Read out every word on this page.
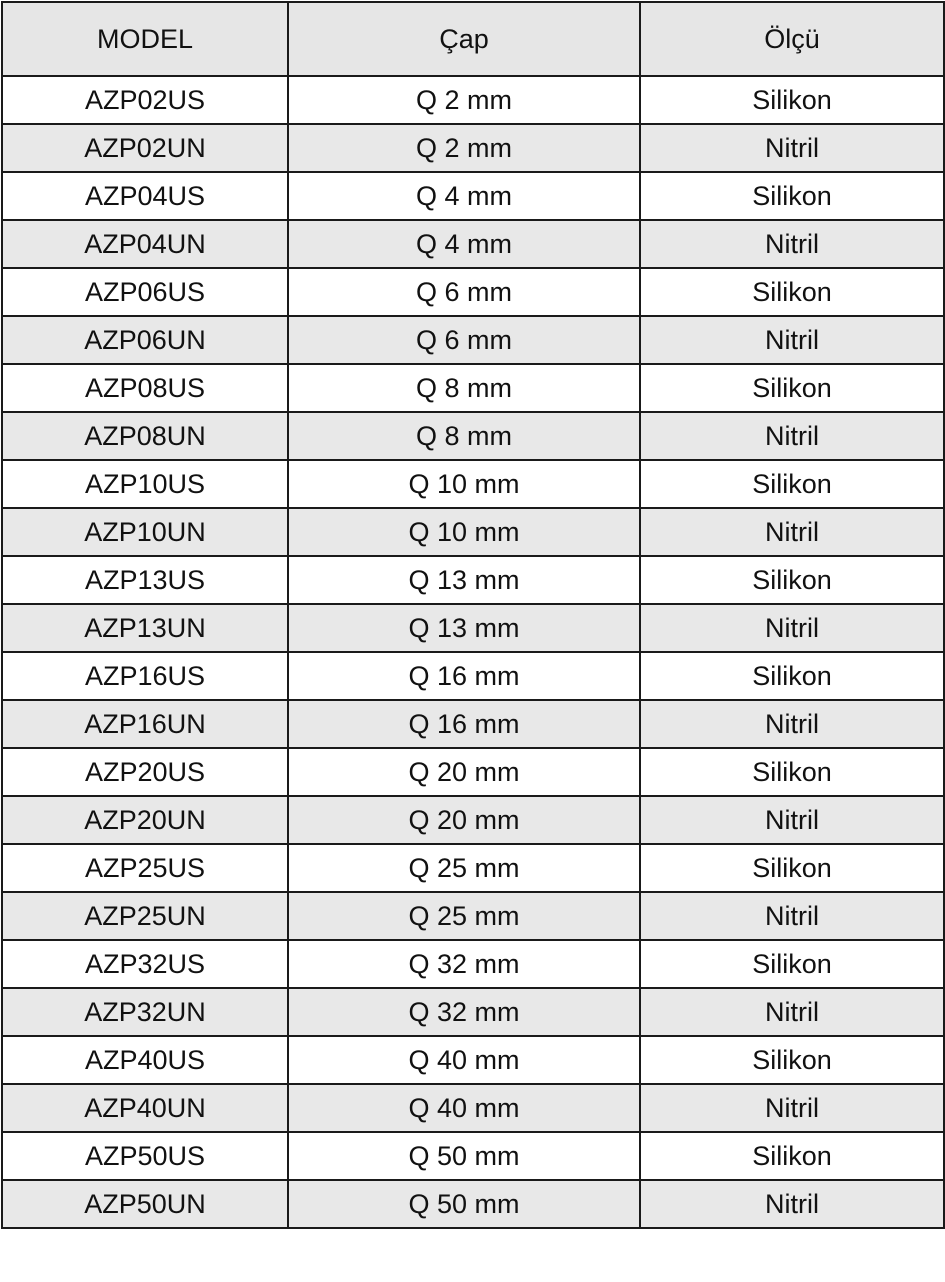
MODEL	Çap	Ölçü
AZP02US	Q 2 mm	Silikon
AZP02UN	Q 2 mm	Nitril
AZP04US	Q 4 mm	Silikon
AZP04UN	Q 4 mm	Nitril
AZP06US	Q 6 mm	Silikon
AZP06UN	Q 6 mm	Nitril
AZP08US	Q 8 mm	Silikon
AZP08UN	Q 8 mm	Nitril
AZP10US	Q 10 mm	Silikon
AZP10UN	Q 10 mm	Nitril
AZP13US	Q 13 mm	Silikon
AZP13UN	Q 13 mm	Nitril
AZP16US	Q 16 mm	Silikon
AZP16UN	Q 16 mm	Nitril
AZP20US	Q 20 mm	Silikon
AZP20UN	Q 20 mm	Nitril
AZP25US	Q 25 mm	Silikon
AZP25UN	Q 25 mm	Nitril
AZP32US	Q 32 mm	Silikon
AZP32UN	Q 32 mm	Nitril
AZP40US	Q 40 mm	Silikon
AZP40UN	Q 40 mm	Nitril
AZP50US	Q 50 mm	Silikon
AZP50UN	Q 50 mm	Nitril
